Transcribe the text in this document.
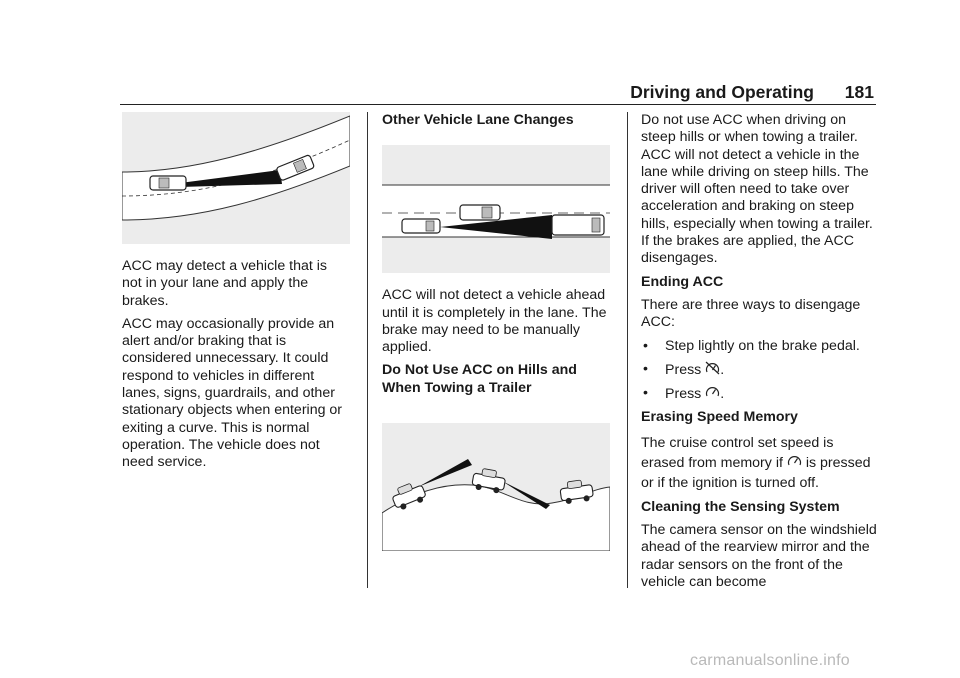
Driving and Operating 181

ACC may detect a vehicle that is not in your lane and apply the brakes.

ACC may occasionally provide an alert and/or braking that is considered unnecessary. It could respond to vehicles in different lanes, signs, guardrails, and other stationary objects when entering or exiting a curve. This is normal operation. The vehicle does not need service.

Other Vehicle Lane Changes

ACC will not detect a vehicle ahead until it is completely in the lane. The brake may need to be manually applied.

Do Not Use ACC on Hills and When Towing a Trailer

Do not use ACC when driving on steep hills or when towing a trailer. ACC will not detect a vehicle in the lane while driving on steep hills. The driver will often need to take over acceleration and braking on steep hills, especially when towing a trailer. If the brakes are applied, the ACC disengages.

Ending ACC

There are three ways to disengage ACC:

• Step lightly on the brake pedal.
• Press .
• Press .

Erasing Speed Memory

The cruise control set speed is
erased from memory if is pressed or if the ignition is turned off.

Cleaning the Sensing System

The camera sensor on the windshield ahead of the rearview mirror and the radar sensors on the front of the vehicle can become

carmanualsonline.info
